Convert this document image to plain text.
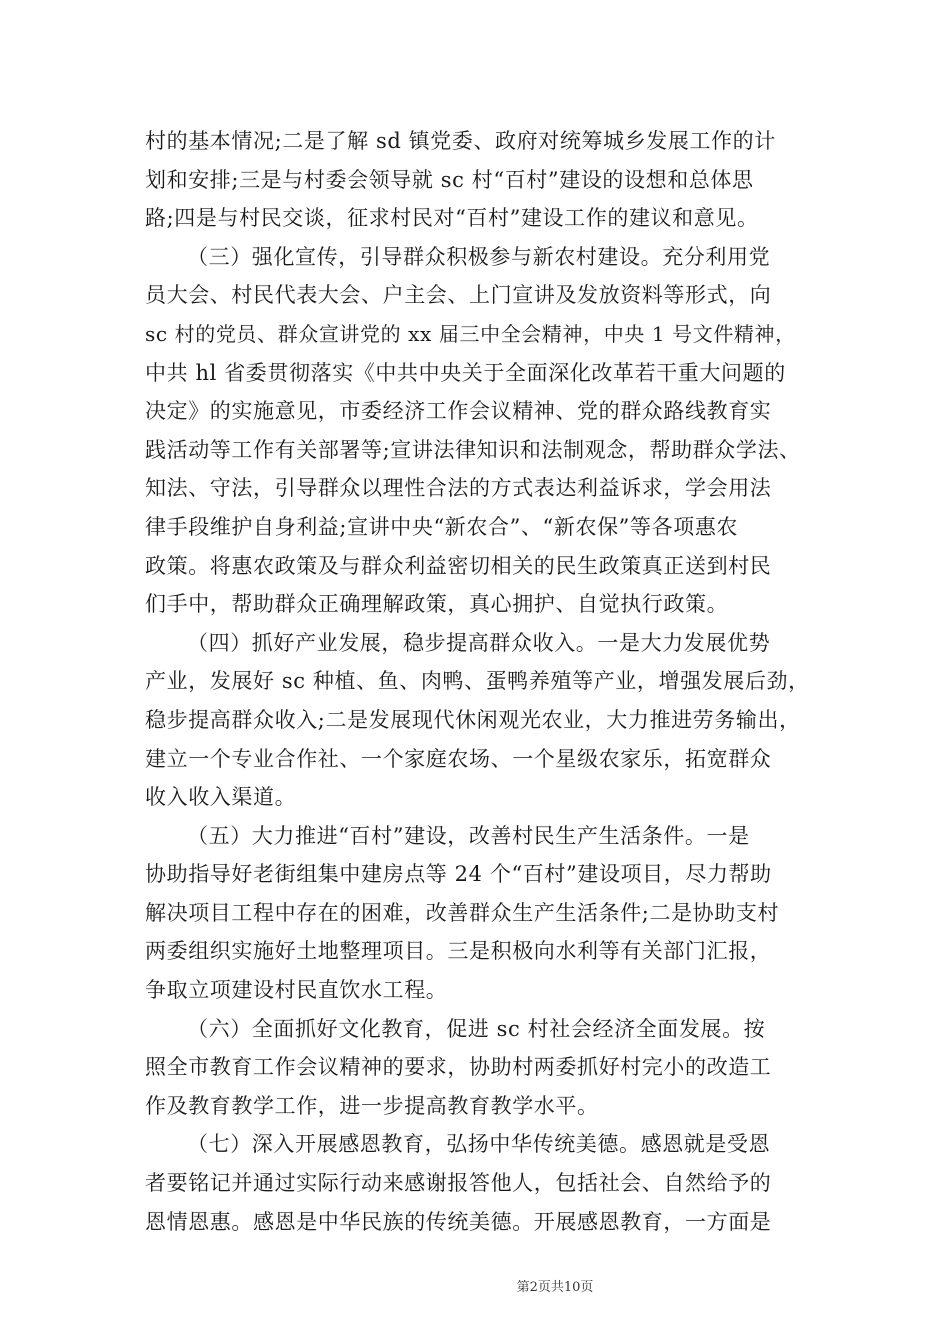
村的基本情况;二是了解 sd 镇党委、政府对统筹城乡发展工作的计
划和安排;三是与村委会领导就 sc 村“百村”建设的设想和总体思
路;四是与村民交谈，征求村民对“百村”建设工作的建议和意见。
（三）强化宣传，引导群众积极参与新农村建设。充分利用党
员大会、村民代表大会、户主会、上门宣讲及发放资料等形式，向
sc 村的党员、群众宣讲党的 xx 届三中全会精神，中央 1 号文件精神，
中共 hl 省委贯彻落实《中共中央关于全面深化改革若干重大问题的
决定》的实施意见，市委经济工作会议精神、党的群众路线教育实
践活动等工作有关部署等;宣讲法律知识和法制观念，帮助群众学法、
知法、守法，引导群众以理性合法的方式表达利益诉求，学会用法
律手段维护自身利益;宣讲中央“新农合”、“新农保”等各项惠农
政策。将惠农政策及与群众利益密切相关的民生政策真正送到村民
们手中，帮助群众正确理解政策，真心拥护、自觉执行政策。
（四）抓好产业发展，稳步提高群众收入。一是大力发展优势
产业，发展好 sc 种植、鱼、肉鸭、蛋鸭养殖等产业，增强发展后劲，
稳步提高群众收入;二是发展现代休闲观光农业，大力推进劳务输出，
建立一个专业合作社、一个家庭农场、一个星级农家乐，拓宽群众
收入收入渠道。
（五）大力推进“百村”建设，改善村民生产生活条件。一是
协助指导好老街组集中建房点等 24 个“百村”建设项目，尽力帮助
解决项目工程中存在的困难，改善群众生产生活条件;二是协助支村
两委组织实施好土地整理项目。三是积极向水利等有关部门汇报，
争取立项建设村民直饮水工程。
（六）全面抓好文化教育，促进 sc 村社会经济全面发展。按
照全市教育工作会议精神的要求，协助村两委抓好村完小的改造工
作及教育教学工作，进一步提高教育教学水平。
（七）深入开展感恩教育，弘扬中华传统美德。感恩就是受恩
者要铭记并通过实际行动来感谢报答他人，包括社会、自然给予的
恩情恩惠。感恩是中华民族的传统美德。开展感恩教育，一方面是
第2页共10页
